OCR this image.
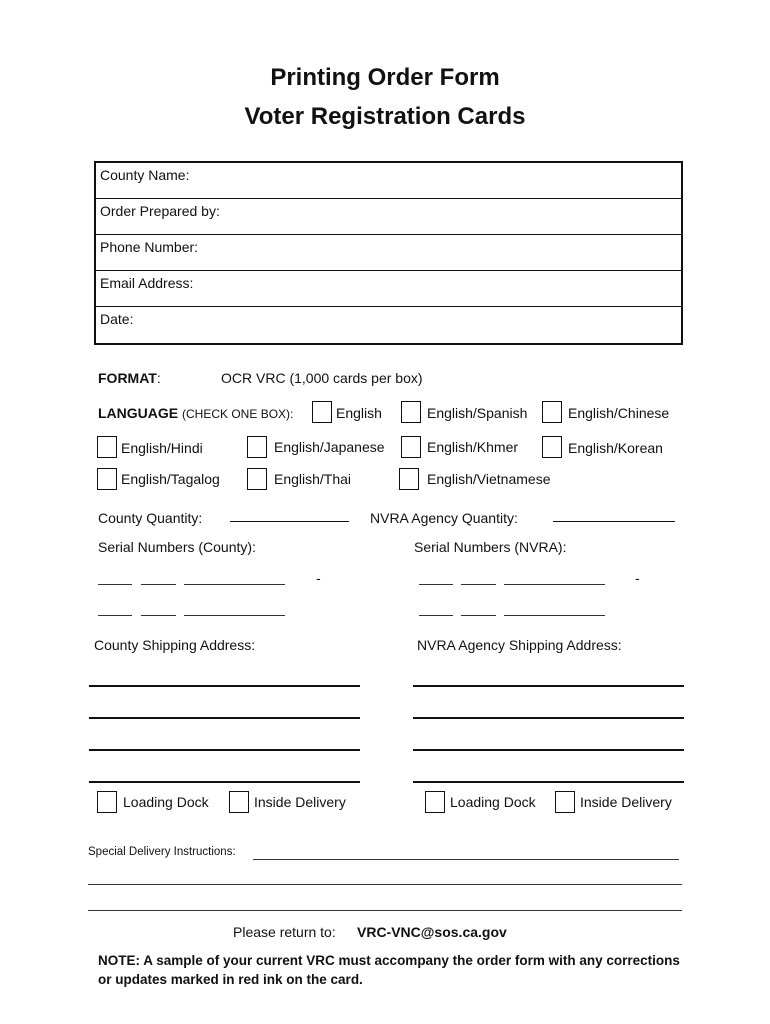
Printing Order Form
Voter Registration Cards
County Name:
Order Prepared by:
Phone Number:
Email Address:
Date:
FORMAT:	OCR VRC (1,000 cards per box)
LANGUAGE (CHECK ONE BOX):	English	English/Spanish	English/Chinese
English/Hindi	English/Japanese	English/Khmer	English/Korean
English/Tagalog	English/Thai	English/Vietnamese
County Quantity:	NVRA Agency Quantity:
Serial Numbers (County):	Serial Numbers (NVRA):
-	-
County Shipping Address:	NVRA Agency Shipping Address:
Loading Dock	Inside Delivery	Loading Dock	Inside Delivery
Special Delivery Instructions:
Please return to: VRC-VNC@sos.ca.gov
NOTE: A sample of your current VRC must accompany the order form with any corrections or updates marked in red ink on the card.
